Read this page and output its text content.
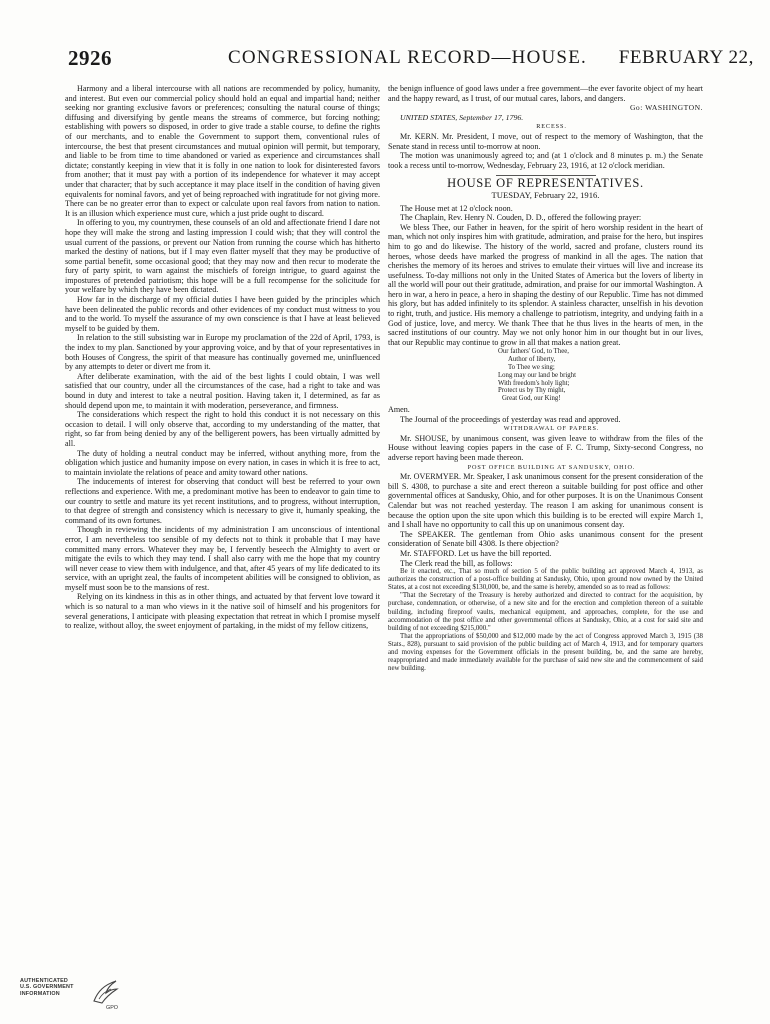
2926	CONGRESSIONAL RECORD—HOUSE. FEBRUARY 22,

Harmony and a liberal intercourse with all nations are recommended by policy, humanity, and interest. But even our commercial policy should hold an equal and impartial hand; neither seeking nor granting exclusive favors or preferences; consulting the natural course of things; diffusing and diversifying by gentle means the streams of commerce, but forcing nothing; establishing with powers so disposed, in order to give trade a stable course, to define the rights of our merchants, and to enable the Government to support them, conventional rules of intercourse, the best that present circumstances and mutual opinion will permit, but temporary, and liable to be from time to time abandoned or varied as experience and circumstances shall dictate; constantly keeping in view that it is folly in one nation to look for disinterested favors from another; that it must pay with a portion of its independence for whatever it may accept under that character; that by such acceptance it may place itself in the condition of having given equivalents for nominal favors, and yet of being reproached with ingratitude for not giving more. There can be no greater error than to expect or calculate upon real favors from nation to nation. It is an illusion which experience must cure, which a just pride ought to discard.

In offering to you, my countrymen, these counsels of an old and affectionate friend I dare not hope they will make the strong and lasting impression I could wish; that they will control the usual current of the passions, or prevent our Nation from running the course which has hitherto marked the destiny of nations, but if I may even flatter myself that they may be productive of some partial benefit, some occasional good; that they may now and then recur to moderate the fury of party spirit, to warn against the mischiefs of foreign intrigue, to guard against the impostures of pretended patriotism; this hope will be a full recompense for the solicitude for your welfare by which they have been dictated.

How far in the discharge of my official duties I have been guided by the principles which have been delineated the public records and other evidences of my conduct must witness to you and to the world. To myself the assurance of my own conscience is that I have at least believed myself to be guided by them.

In relation to the still subsisting war in Europe my proclamation of the 22d of April, 1793, is the index to my plan. Sanctioned by your approving voice, and by that of your representatives in both Houses of Congress, the spirit of that measure has continually governed me, uninfluenced by any attempts to deter or divert me from it.

After deliberate examination, with the aid of the best lights I could obtain, I was well satisfied that our country, under all the circumstances of the case, had a right to take and was bound in duty and interest to take a neutral position. Having taken it, I determined, as far as should depend upon me, to maintain it with moderation, perseverance, and firmness.

The considerations which respect the right to hold this conduct it is not necessary on this occasion to detail. I will only observe that, according to my understanding of the matter, that right, so far from being denied by any of the belligerent powers, has been virtually admitted by all.

The duty of holding a neutral conduct may be inferred, without anything more, from the obligation which justice and humanity impose on every nation, in cases in which it is free to act, to maintain inviolate the relations of peace and amity toward other nations.

The inducements of interest for observing that conduct will best be referred to your own reflections and experience. With me, a predominant motive has been to endeavor to gain time to our country to settle and mature its yet recent institutions, and to progress, without interruption, to that degree of strength and consistency which is necessary to give it, humanly speaking, the command of its own fortunes.

Though in reviewing the incidents of my administration I am unconscious of intentional error, I am nevertheless too sensible of my defects not to think it probable that I may have committed many errors. Whatever they may be, I fervently beseech the Almighty to avert or mitigate the evils to which they may tend. I shall also carry with me the hope that my country will never cease to view them with indulgence, and that, after 45 years of my life dedicated to its service, with an upright zeal, the faults of incompetent abilities will be consigned to oblivion, as myself must soon be to the mansions of rest.

Relying on its kindness in this as in other things, and actuated by that fervent love toward it which is so natural to a man who views in it the native soil of himself and his progenitors for several generations, I anticipate with pleasing expectation that retreat in which I promise myself to realize, without alloy, the sweet enjoyment of partaking, in the midst of my fellow citizens,

the benign influence of good laws under a free government—the ever favorite object of my heart and the happy reward, as I trust, of our mutual cares, labors, and dangers.

Go: WASHINGTON.

UNITED STATES, September 17, 1796.

RECESS.

Mr. KERN. Mr. President, I move, out of respect to the memory of Washington, that the Senate stand in recess until to-morrow at noon.

The motion was unanimously agreed to; and (at 1 o'clock and 8 minutes p. m.) the Senate took a recess until to-morrow, Wednesday, February 23, 1916, at 12 o'clock meridian.

HOUSE OF REPRESENTATIVES.
TUESDAY, February 22, 1916.

The House met at 12 o'clock noon.

The Chaplain, Rev. Henry N. Couden, D. D., offered the following prayer:

We bless Thee, our Father in heaven, for the spirit of hero worship resident in the heart of man, which not only inspires him with gratitude, admiration, and praise for the hero, but inspires him to go and do likewise. The history of the world, sacred and profane, clusters round its heroes, whose deeds have marked the progress of mankind in all the ages. The nation that cherishes the memory of its heroes and strives to emulate their virtues will live and increase its usefulness. To-day millions not only in the United States of America but the lovers of liberty in all the world will pour out their gratitude, admiration, and praise for our immortal Washington. A hero in war, a hero in peace, a hero in shaping the destiny of our Republic. Time has not dimmed his glory, but has added infinitely to its splendor. A stainless character, unselfish in his devotion to right, truth, and justice. His memory a challenge to patriotism, integrity, and undying faith in a God of justice, love, and mercy. We thank Thee that he thus lives in the hearts of men, in the sacred institutions of our country. May we not only honor him in our thought but in our lives, that our Republic may continue to grow in all that makes a nation great.

Our fathers' God, to Thee,
Author of liberty,
To Thee we sing;
Long may our land be bright
With freedom's holy light;
Protect us by Thy might,
Great God, our King!

Amen.

The Journal of the proceedings of yesterday was read and approved.

WITHDRAWAL OF PAPERS.

Mr. SHOUSE, by unanimous consent, was given leave to withdraw from the files of the House without leaving copies papers in the case of F. C. Trump, Sixty-second Congress, no adverse report having been made thereon.

POST OFFICE BUILDING AT SANDUSKY, OHIO.

Mr. OVERMYER. Mr. Speaker, I ask unanimous consent for the present consideration of the bill S. 4308, to purchase a site and erect thereon a suitable building for post office and other governmental offices at Sandusky, Ohio, and for other purposes. It is on the Unanimous Consent Calendar but was not reached yesterday. The reason I am asking for unanimous consent is because the option upon the site upon which this building is to be erected will expire March 1, and I shall have no opportunity to call this up on unanimous consent day.

The SPEAKER. The gentleman from Ohio asks unanimous consent for the present consideration of Senate bill 4308. Is there objection?

Mr. STAFFORD. Let us have the bill reported.

The Clerk read the bill, as follows:

Be it enacted, etc., That so much of section 5 of the public building act approved March 4, 1913, as authorizes the construction of a post-office building at Sandusky, Ohio, upon ground now owned by the United States, at a cost not exceeding $130,000, be, and the same is hereby, amended so as to read as follows:

"That the Secretary of the Treasury is hereby authorized and directed to contract for the acquisition, by purchase, condemnation, or otherwise, of a new site and for the erection and completion thereon of a suitable building, including fireproof vaults, mechanical equipment, and approaches, complete, for the use and accommodation of the post office and other governmental offices at Sandusky, Ohio, at a cost for said site and building of not exceeding $215,000."

That the appropriations of $50,000 and $12,000 made by the act of Congress approved March 3, 1915 (38 Stats., 828), pursuant to said provision of the public building act of March 4, 1913, and for temporary quarters and moving expenses for the Government officials in the present building, be, and the same are hereby, reappropriated and made immediately available for the purchase of said new site and the commencement of said new building.

AUTHENTICATED
U.S. GOVERNMENT
INFORMATION
GPO
